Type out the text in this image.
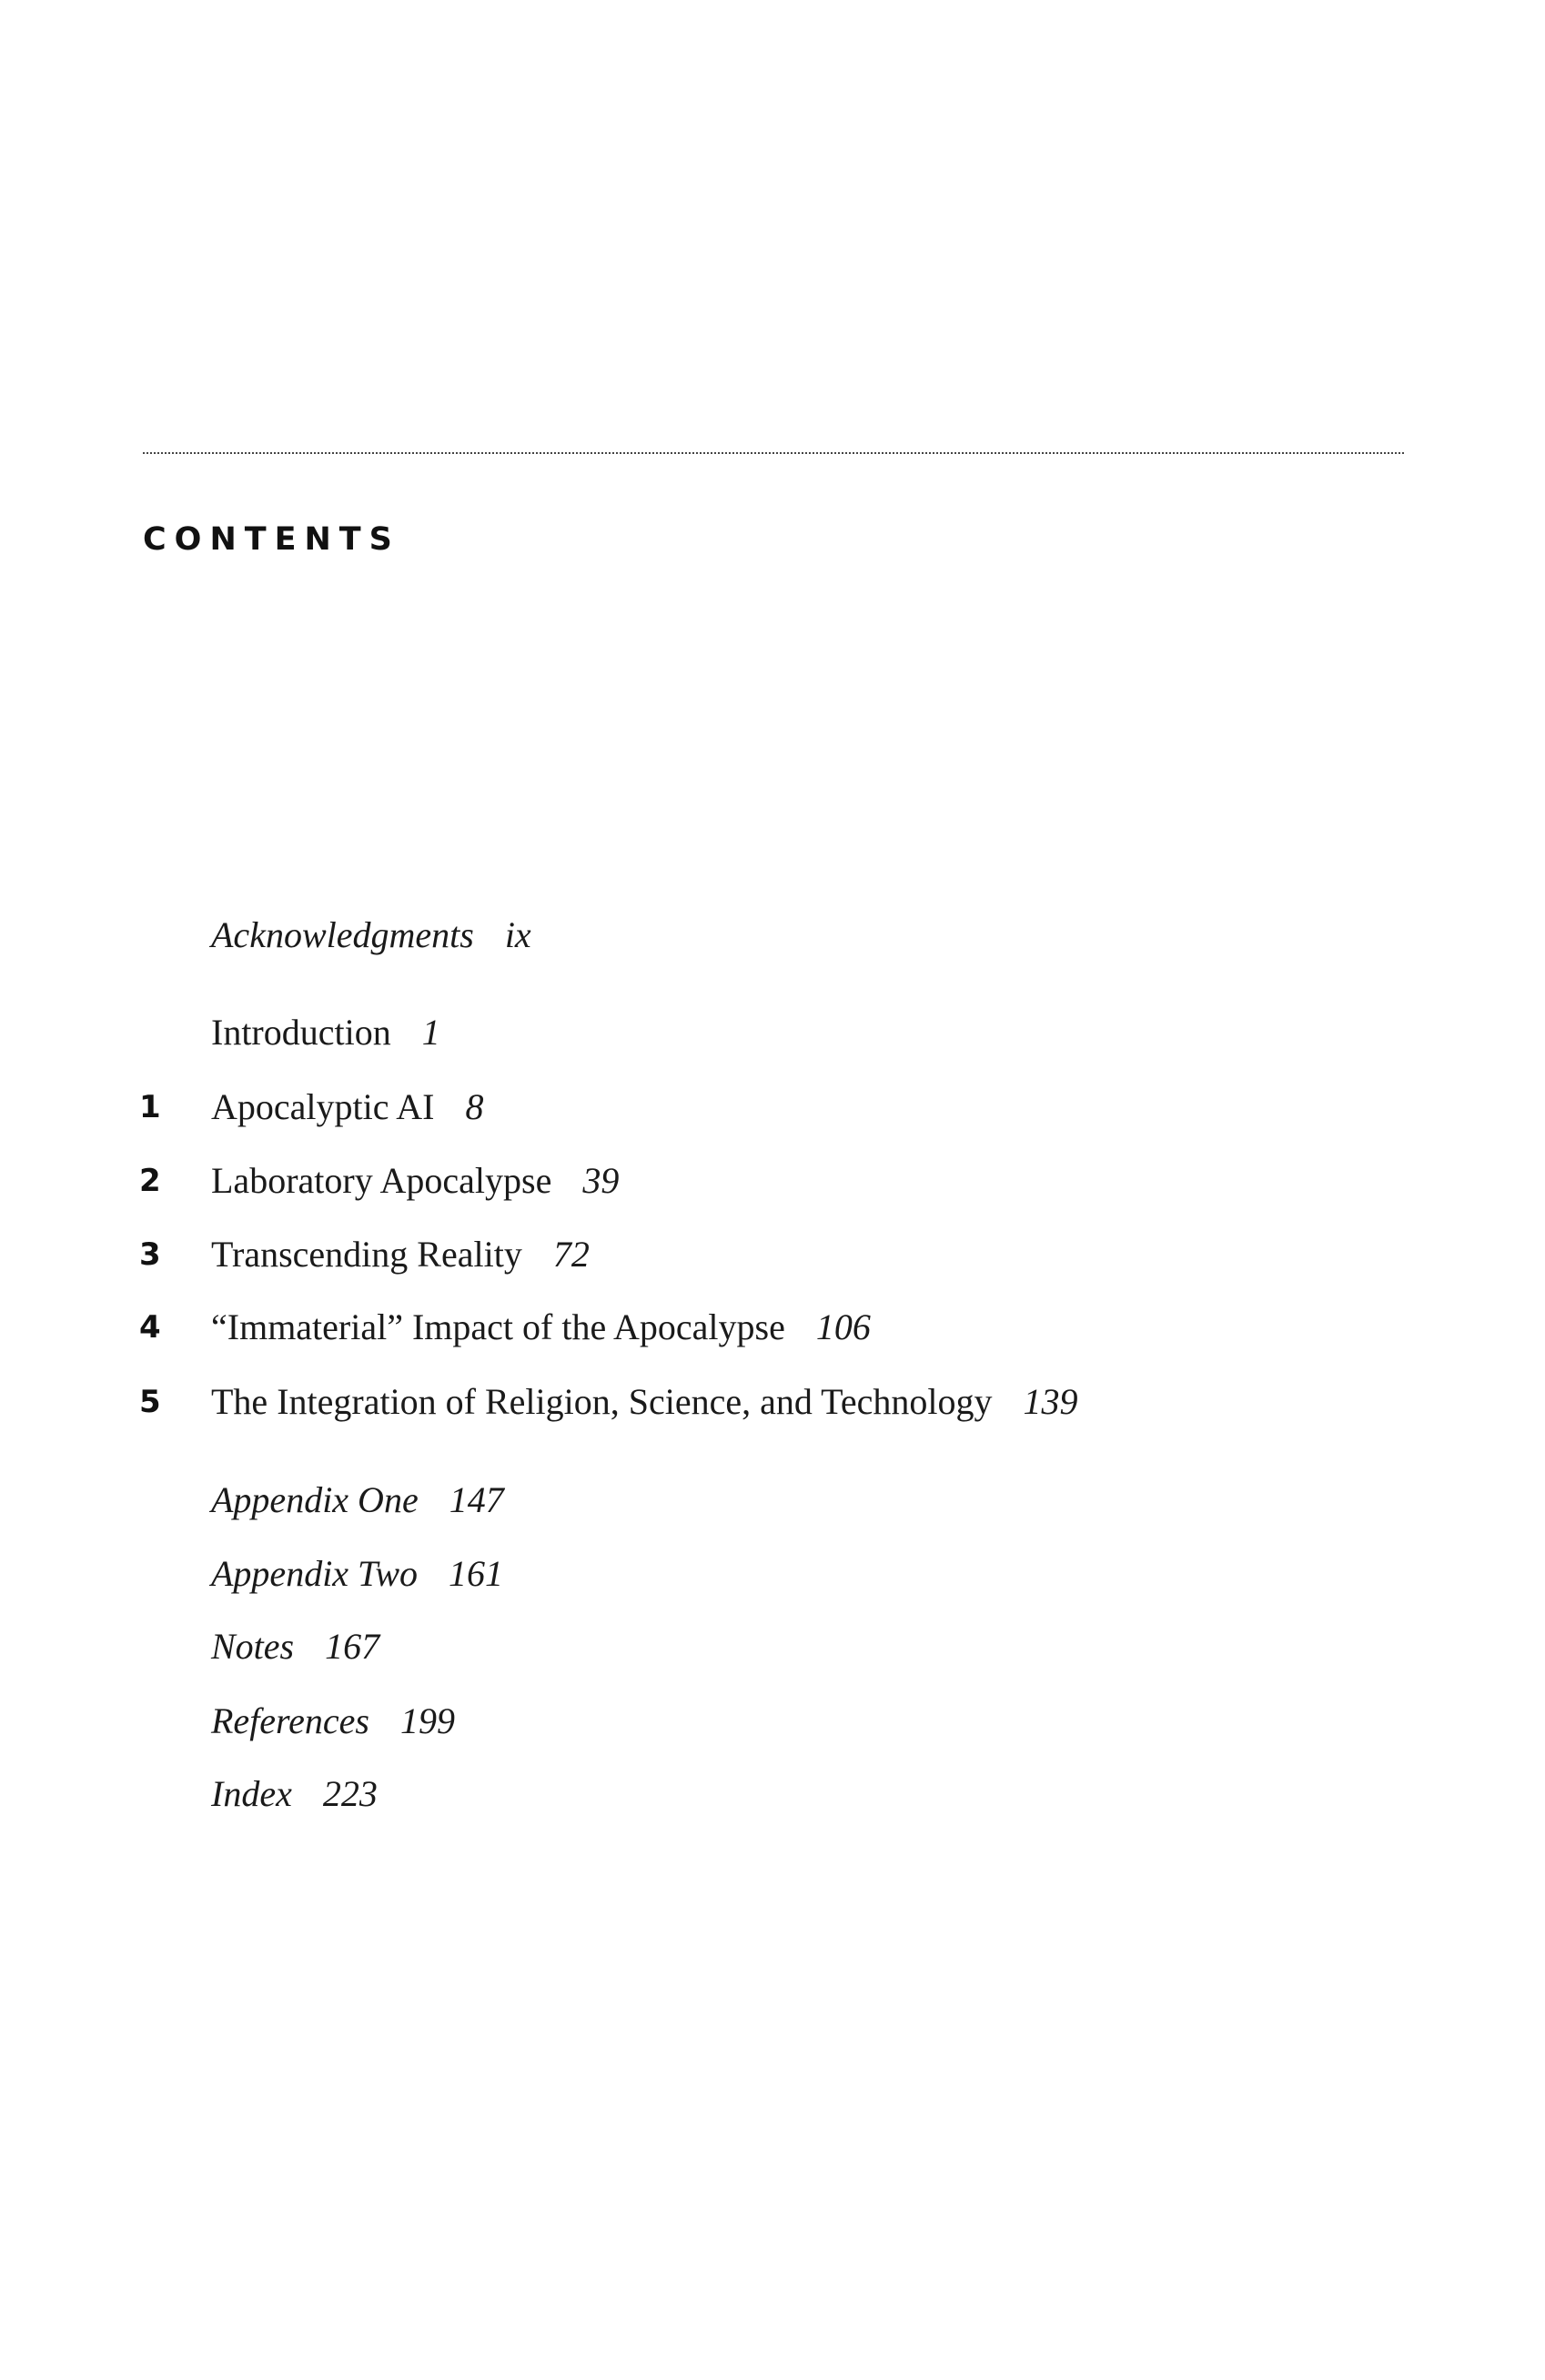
CONTENTS
Acknowledgments ix
Introduction 1
1	Apocalyptic AI 8
2	Laboratory Apocalypse 39
3	Transcending Reality 72
4	“Immaterial” Impact of the Apocalypse 106
5	The Integration of Religion, Science, and Technology 139
Appendix One 147
Appendix Two 161
Notes 167
References 199
Index 223
